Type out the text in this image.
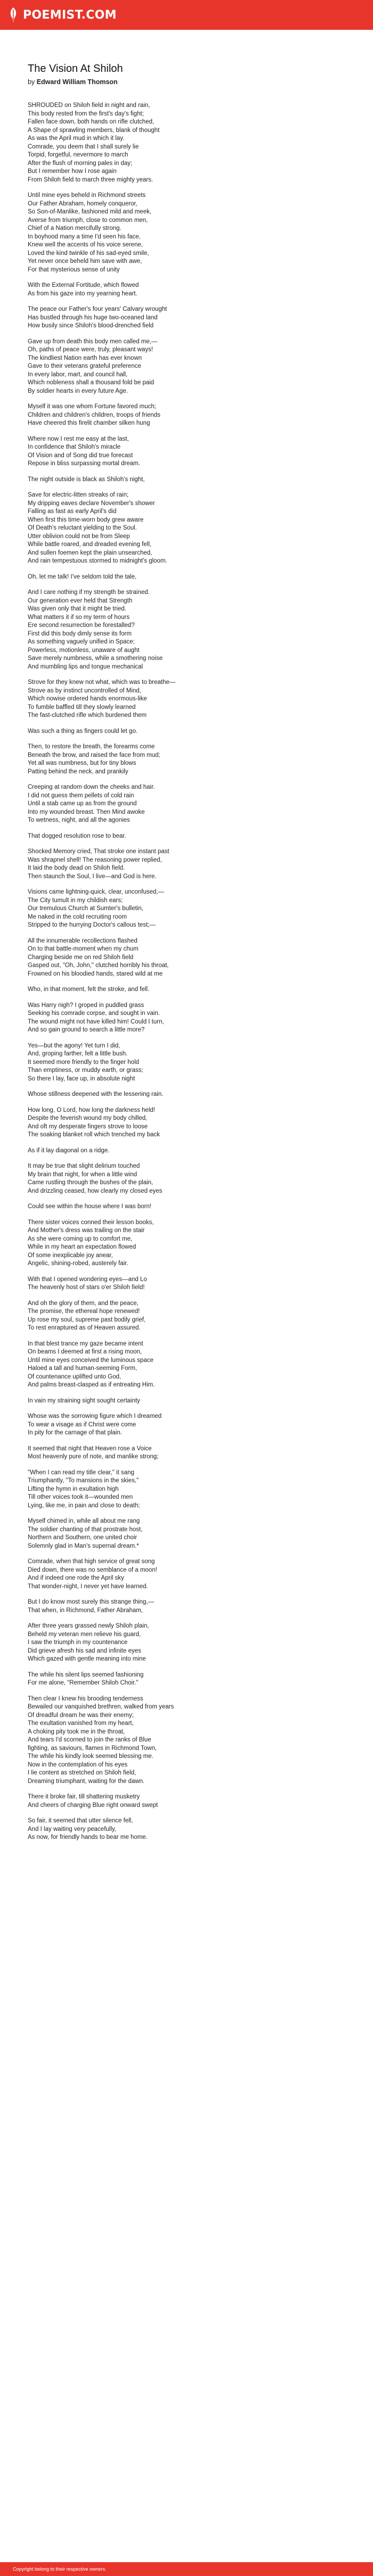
POEMIST.COM
The Vision At Shiloh

by Edward William Thomson

SHROUDED on Shiloh field in night and rain,
This body rested from the first's day's fight;
Fallen face down, both hands on rifle clutched,
A Shape of sprawling members, blank of thought
As was the April mud in which it lay.
Comrade, you deem that I shall surely lie
Torpid, forgetful, nevermore to march
After the flush of morning pales in day;
But I remember how I rose again
From Shiloh field to march three mighty years.

Until mine eyes beheld in Richmond streets
Our Father Abraham, homely conqueror,
So Son-of-Manlike, fashioned mild and meek,
Averse from triumph, close to common men,
Chief of a Nation mercifully strong.
In boyhood many a time I'd seen his face,
Knew well the accents of his voice serene,
Loved the kind twinkle of his sad-eyed smile,
Yet never once beheld him save with awe,
For that mysterious sense of unity

With the External Fortitude, which flowed
As from his gaze into my yearning heart.

The peace our Father's four years' Calvary wrought
Has bustled through his huge two-oceaned land
How busily since Shiloh's blood-drenched field

Gave up from death this body men called me,—
Oh, paths of peace were, truly, pleasant ways!
The kindliest Nation earth has ever known
Gave to their veterans grateful preference
In every labor, mart, and council hall,
Which nobleness shall a thousand fold be paid
By soldier hearts in every future Age.

Myself it was one whom Fortune favored much;
Children and children's children, troops of friends
Have cheered this firelit chamber silken hung

Where now I rest me easy at the last,
In confidence that Shiloh's miracle
Of Vision and of Song did true forecast
Repose in bliss surpassing mortal dream.

The night outside is black as Shiloh's night,

Save for electric-litten streaks of rain;
My dripping eaves declare November's shower
Falling as fast as early April's did
When first this time-worn body grew aware
Of Death's reluctant yielding to the Soul.
Utter oblivion could not be from Sleep
While battle roared, and dreaded evening fell,
And sullen foemen kept the plain unsearched,
And rain tempestuous stormed to midnight's gloom.

Oh, let me talk! I've seldom told the tale,

And I care nothing if my strength be strained.
Our generation ever held that Strength
Was given only that it might be tried.
What matters it if so my term of hours
Ere second resurrection be forestalled?
First did this body dimly sense its form
As something vaguely unified in Space;
Powerless, motionless, unaware of aught
Save merely numbness, while a smothering noise
And mumbling lips and tongue mechanical

Strove for they knew not what, which was to breathe—
Strove as by instinct uncontrolled of Mind,
Which nowise ordered hands enormous-like
To fumble baffled till they slowly learned
The fast-clutched rifle which burdened them

Was such a thing as fingers could let go.

Then, to restore the breath, the forearms come
Beneath the brow, and raised the face from mud;
Yet all was numbness, but for tiny blows
Patting behind the neck, and prankily

Creeping at random down the cheeks and hair.
I did not guess them pellets of cold rain
Until a stab came up as from the ground
Into my wounded breast. Then Mind awoke
To wetness, night, and all the agonies

That dogged resolution rose to bear.

Shocked Memory cried, That stroke one instant past
Was shrapnel shell! The reasoning power replied,
It laid the body dead on Shiloh field.
Then staunch the Soul, I live—and God is here.

Visions came lightning-quick, clear, unconfused,—
The City tumult in my childish ears;
Our tremulous Church at Sumter's bulletin,
Me naked in the cold recruiting room
Stripped to the hurrying Doctor's callous test;—

All the innumerable recollections flashed
On to that battle-moment when my chum
Charging beside me on red Shiloh field
Gasped out, "Oh, John," clutched horribly his throat,
Frowned on his bloodied hands, stared wild at me

Who, in that moment, felt the stroke, and fell.

Was Harry nigh? I groped in puddled grass
Seeking his comrade corpse, and sought in vain.
The wound might not have killed him! Could I turn,
And so gain ground to search a little more?

Yes—but the agony! Yet turn I did,
And, groping farther, felt a little bush.
It seemed more friendly to the finger hold
Than emptiness, or muddy earth, or grass;
So there I lay, face up, in absolute night

Whose stillness deepened with the lessening rain.

How long, O Lord, how long the darkness held!
Despite the feverish wound my body chilled,
And oft my desperate fingers strove to loose
The soaking blanket roll which trenched my back

As if it lay diagonal on a ridge.

It may be true that slight delirium touched
My brain that night, for when a little wind
Came rustling through the bushes of the plain,
And drizzling ceased, how clearly my closed eyes

Could see within the house where I was born!

There sister voices conned their lesson books,
And Mother's dress was trailing on the stair
As she were coming up to comfort me,
While in my heart an expectation flowed
Of some inexplicable joy anear,
Angelic, shining-robed, austerely fair.

With that I opened wondering eyes—and Lo
The heavenly host of stars o'er Shiloh field!

And oh the glory of them, and the peace,
The promise, the ethereal hope renewed!
Up rose my soul, supreme past bodily grief,
To rest enraptured as of Heaven assured.

In that blest trance my gaze became intent
On beams I deemed at first a rising moon,
Until mine eyes conceived the luminous space
Haloed a tall and human-seeming Form,
Of countenance uplifted unto God,
And palms breast-clasped as if entreating Him.

In vain my straining sight sought certainty

Whose was the sorrowing figure which I dreamed
To wear a visage as if Christ were come
In pity for the carnage of that plain.

It seemed that night that Heaven rose a Voice
Most heavenly pure of note, and manlike strong;

"When I can read my title clear," it sang
Triumphantly, "To mansions in the skies,"
Lifting the hymn in exultation high
Till other voices took it—wounded men
Lying, like me, in pain and close to death;

Myself chimed in, while all about me rang
The soldier chanting of that prostrate host,
Northern and Southern, one united choir
Solemnly glad in Man's supernal dream.*

Comrade, when that high service of great song
Died down, there was no semblance of a moon!
And if indeed one rode the April sky
That wonder-night, I never yet have learned.

But I do know most surely this strange thing,—
That when, in Richmond, Father Abraham,

After three years grassed newly Shiloh plain,
Beheld my veteran men relieve his guard,
I saw the triumph in my countenance
Did grieve afresh his sad and infinite eyes
Which gazed with gentle meaning into mine

The while his silent lips seemed fashioning
For me alone, "Remember Shiloh Choir."

Then clear I knew his brooding tenderness
Bewailed our vanquished brethren, walked from years
Of dreadful dream he was their enemy;
The exultation vanished from my heart,
A choking pity took me in the throat,
And tears I'd scorned to join the ranks of Blue
fighting, as saviours, flames in Richmond Town,
The while his kindly look seemed blessing me.
Now in the contemplation of his eyes
I lie content as stretched on Shiloh field,
Dreaming triumphant, waiting for the dawn.

There it broke fair, till shattering musketry
And cheers of charging Blue right onward swept

So fair, it seemed that utter silence fell,
And I lay waiting very peacefully,
As now, for friendly hands to bear me home.

Copyright belong to their respective owners.
